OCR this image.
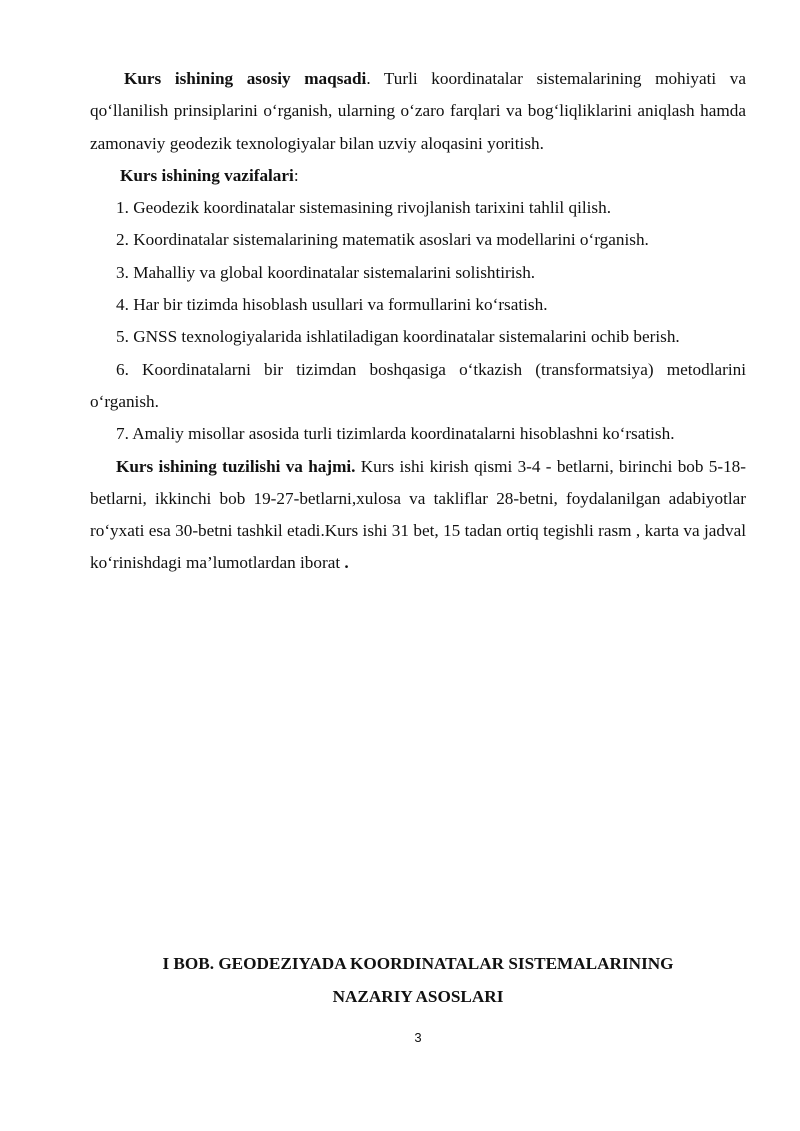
Kurs ishining asosiy maqsadi. Turli koordinatalar sistemalarining mohiyati va qo‘llanilish prinsiplarini o‘rganish, ularning o‘zaro farqlari va bog‘liqliklarini aniqlash hamda zamonaviy geodezik texnologiyalar bilan uzviy aloqasini yoritish.

Kurs ishining vazifalari:

1. Geodezik koordinatalar sistemasining rivojlanish tarixini tahlil qilish.

2. Koordinatalar sistemalarining matematik asoslari va modellarini o‘rganish.

3. Mahalliy va global koordinatalar sistemalarini solishtirish.

4. Har bir tizimda hisoblash usullari va formullarini ko‘rsatish.

5. GNSS texnologiyalarida ishlatiladigan koordinatalar sistemalarini ochib berish.

6. Koordinatalarni bir tizimdan boshqasiga o‘tkazish (transformatsiya) metodlarini o‘rganish.

7. Amaliy misollar asosida turli tizimlarda koordinatalarni hisoblashni ko‘rsatish.

Kurs ishining tuzilishi va hajmi. Kurs ishi kirish qismi 3-4 - betlarni, birinchi bob 5-18-betlarni, ikkinchi bob 19-27-betlarni,xulosa va takliflar 28-betni, foydalanilgan adabiyotlar ro‘yxati esa 30-betni tashkil etadi.Kurs ishi 31 bet, 15 tadan ortiq tegishli rasm , karta va jadval ko‘rinishdagi ma’lumotlardan iborat .

I BOB. GEODEZIYADA KOORDINATALAR SISTEMALARINING
NAZARIY ASOSLARI
3
